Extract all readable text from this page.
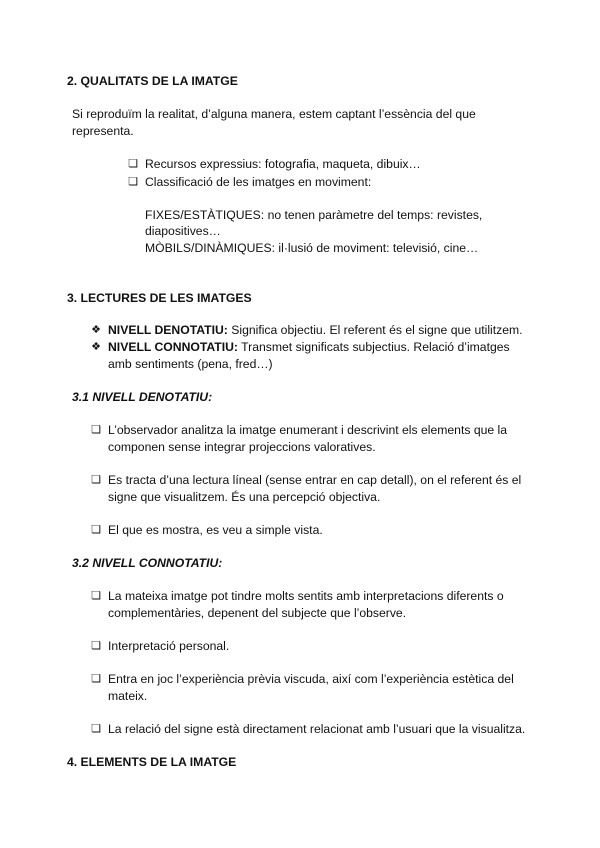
2. QUALITATS DE LA IMATGE
Si reproduïm la realitat, d’alguna manera, estem captant l’essència del que
representa.
❏ Recursos expressius: fotografia, maqueta, dibuix…
❏ Classificació de les imatges en moviment:
FIXES/ESTÀTIQUES: no tenen paràmetre del temps: revistes,
diapositives…
MÒBILS/DINÀMIQUES: il·lusió de moviment: televisió, cine…
3. LECTURES DE LES IMATGES
❖ NIVELL DENOTATIU: Significa objectiu. El referent és el signe que utilitzem.
❖ NIVELL CONNOTATIU: Transmet significats subjectius. Relació d’imatges
amb sentiments (pena, fred…)
3.1 NIVELL DENOTATIU:
❏ L’observador analitza la imatge enumerant i descrivint els elements que la
componen sense integrar projeccions valoratives.
❏ Es tracta d’una lectura líneal (sense entrar en cap detall), on el referent és el
signe que visualitzem. És una percepció objectiva.
❏ El que es mostra, es veu a simple vista.
3.2 NIVELL CONNOTATIU:
❏ La mateixa imatge pot tindre molts sentits amb interpretacions diferents o
complementàries, depenent del subjecte que l’observe.
❏ Interpretació personal.
❏ Entra en joc l’experiència prèvia viscuda, així com l’experiència estètica del
mateix.
❏ La relació del signe està directament relacionat amb l’usuari que la visualitza.
4. ELEMENTS DE LA IMATGE
